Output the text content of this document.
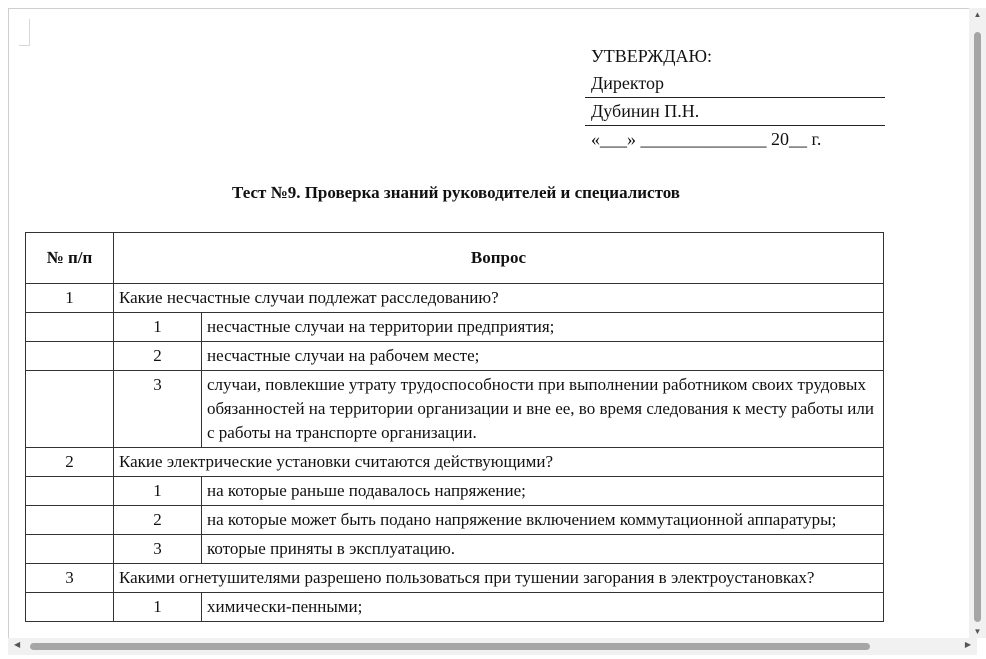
УТВЕРЖДАЮ:
Директор
Дубинин П.Н.
«___» ______________ 20__ г.
Тест №9. Проверка знаний руководителей и специалистов
№ п/п	Вопрос	
1	Какие несчастные случаи подлежат расследованию?	
	1	несчастные случаи на территории предприятия;
	2	несчастные случаи на рабочем месте;
	3	случаи, повлекшие утрату трудоспособности при выполнении работником своих трудовых обязанностей на территории организации и вне ее, во время следования к месту работы или с работы на транспорте организации.
2	Какие электрические установки считаются действующими?	
	1	на которые раньше подавалось напряжение;
	2	на которые может быть подано напряжение включением коммутационной аппаратуры;
	3	которые приняты в эксплуатацию.
3	Какими огнетушителями разрешено пользоваться при тушении загорания в электроустановках?	
	1	химически-пенными;
▲
▼
◀	▶
